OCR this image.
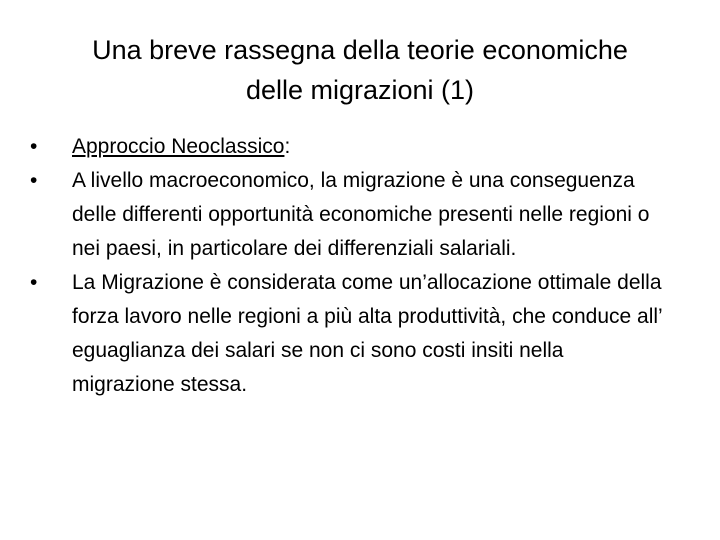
Una breve rassegna della teorie economiche
delle migrazioni (1)
• Approccio Neoclassico:
• A livello macroeconomico, la migrazione è una conseguenza delle differenti opportunità economiche presenti nelle regioni o nei paesi, in particolare dei differenziali salariali.
• La Migrazione è considerata come un’allocazione ottimale della forza lavoro nelle regioni a più alta produttività, che conduce all’ eguaglianza dei salari se non ci sono costi insiti nella migrazione stessa.
